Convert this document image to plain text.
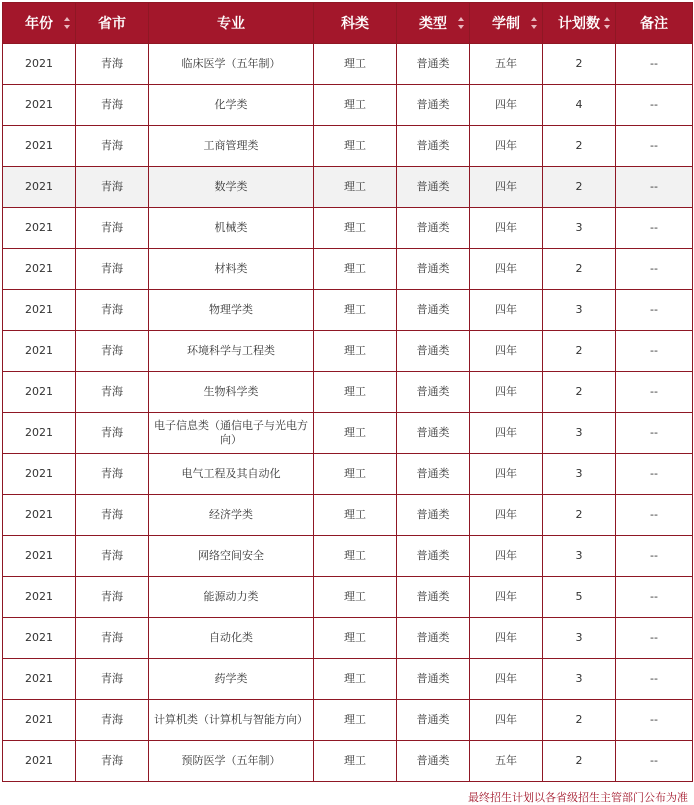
年份	省市	专业	科类	类型	学制	计划数	备注
2021	青海	临床医学（五年制）	理工	普通类	五年	2	--
2021	青海	化学类	理工	普通类	四年	4	--
2021	青海	工商管理类	理工	普通类	四年	2	--
2021	青海	数学类	理工	普通类	四年	2	--
2021	青海	机械类	理工	普通类	四年	3	--
2021	青海	材料类	理工	普通类	四年	2	--
2021	青海	物理学类	理工	普通类	四年	3	--
2021	青海	环境科学与工程类	理工	普通类	四年	2	--
2021	青海	生物科学类	理工	普通类	四年	2	--
2021	青海	电子信息类（通信电子与光电方向）	理工	普通类	四年	3	--
2021	青海	电气工程及其自动化	理工	普通类	四年	3	--
2021	青海	经济学类	理工	普通类	四年	2	--
2021	青海	网络空间安全	理工	普通类	四年	3	--
2021	青海	能源动力类	理工	普通类	四年	5	--
2021	青海	自动化类	理工	普通类	四年	3	--
2021	青海	药学类	理工	普通类	四年	3	--
2021	青海	计算机类（计算机与智能方向）	理工	普通类	四年	2	--
2021	青海	预防医学（五年制）	理工	普通类	五年	2	--
最终招生计划以各省级招生主管部门公布为准
